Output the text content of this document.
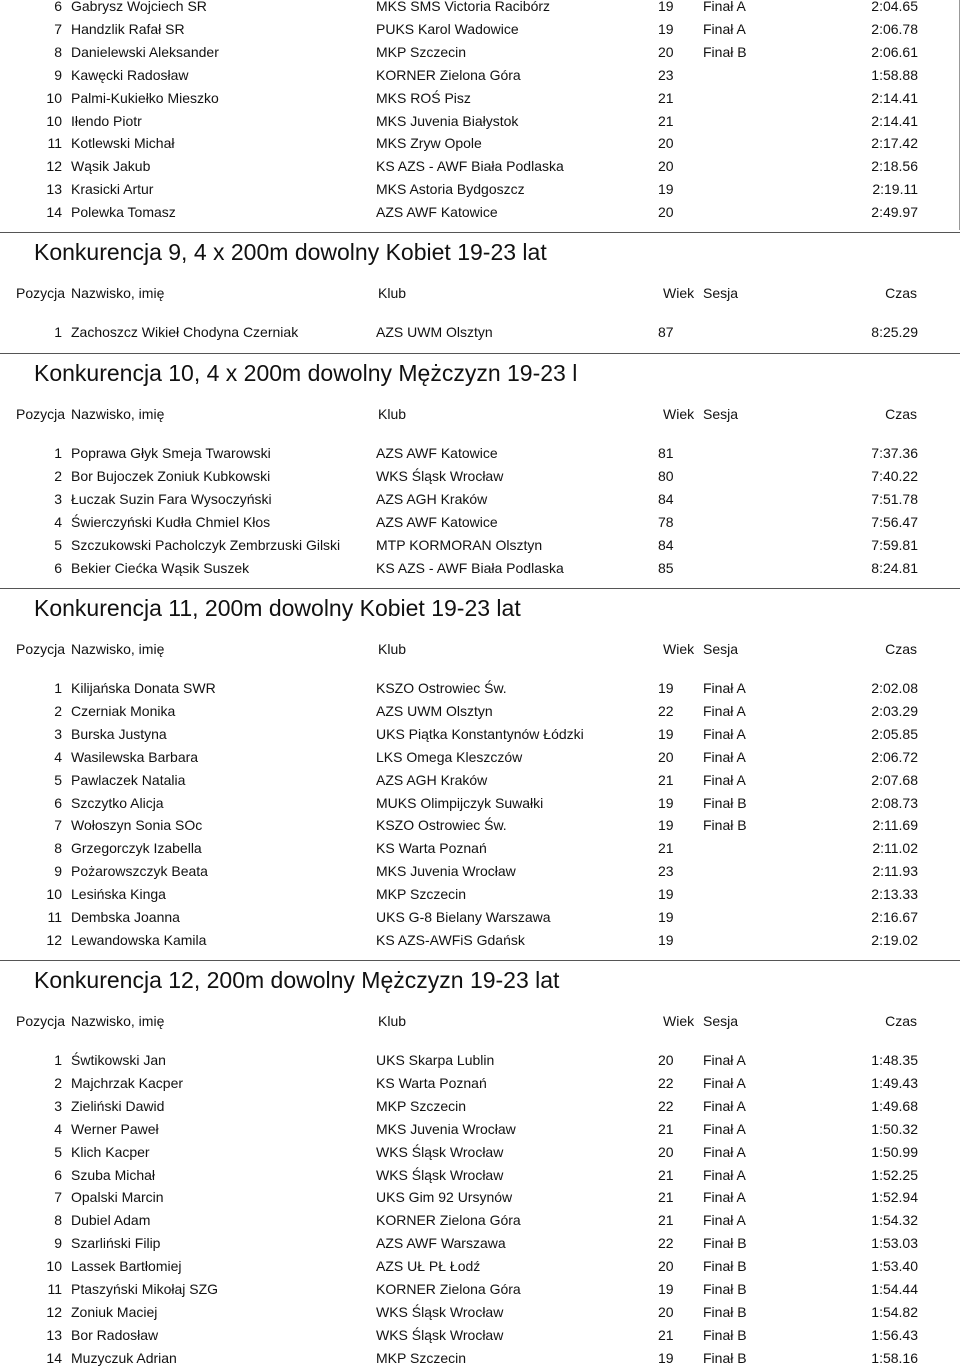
6 Gabrysz Wojciech SR	MKS SMS Victoria Racibórz	19 Finał A	2:04.65
7 Handzlik Rafał SR	PUKS Karol Wadowice	19 Finał A	2:06.78
8 Danielewski Aleksander	MKP Szczecin	20 Finał B	2:06.61
9 Kawęcki Radosław	KORNER Zielona Góra	23	1:58.88
10 Palmi-Kukiełko Mieszko	MKS ROŚ Pisz	21	2:14.41
10 Iłendo Piotr	MKS Juvenia Białystok	21	2:14.41
11 Kotlewski Michał	MKS Zryw Opole	20	2:17.42
12 Wąsik Jakub	KS AZS - AWF Biała Podlaska	20	2:18.56
13 Krasicki Artur	MKS Astoria Bydgoszcz	19	2:19.11
14 Polewka Tomasz	AZS AWF Katowice	20	2:49.97
Konkurencja 9, 4 x 200m dowolny Kobiet 19-23 lat
Pozycja Nazwisko, imię	Klub	Wiek Sesja	Czas
1 Zachoszcz Wikieł Chodyna Czerniak	AZS UWM Olsztyn	87	8:25.29
Konkurencja 10, 4 x 200m dowolny Mężczyzn 19-23 l
Pozycja Nazwisko, imię	Klub	Wiek Sesja	Czas
1 Poprawa Głyk Smeja Twarowski	AZS AWF Katowice	81	7:37.36
2 Bor Bujoczek Zoniuk Kubkowski	WKS Śląsk Wrocław	80	7:40.22
3 Łuczak Suzin Fara Wysoczyński	AZS AGH Kraków	84	7:51.78
4 Świerczyński Kudła Chmiel Kłos	AZS AWF Katowice	78	7:56.47
5 Szczukowski Pacholczyk Zembrzuski Gilski	MTP KORMORAN Olsztyn	84	7:59.81
6 Bekier Ciećka Wąsik Suszek	KS AZS - AWF Biała Podlaska	85	8:24.81
Konkurencja 11, 200m dowolny Kobiet 19-23 lat
Pozycja Nazwisko, imię	Klub	Wiek Sesja	Czas
1 Kilijańska Donata SWR	KSZO Ostrowiec Św.	19 Finał A	2:02.08
2 Czerniak Monika	AZS UWM Olsztyn	22 Finał A	2:03.29
3 Burska Justyna	UKS Piątka Konstantynów Łódzki	19 Finał A	2:05.85
4 Wasilewska Barbara	LKS Omega Kleszczów	20 Finał A	2:06.72
5 Pawlaczek Natalia	AZS AGH Kraków	21 Finał A	2:07.68
6 Szczytko Alicja	MUKS Olimpijczyk Suwałki	19 Finał B	2:08.73
7 Wołoszyn Sonia SOc	KSZO Ostrowiec Św.	19 Finał B	2:11.69
8 Grzegorczyk Izabella	KS Warta Poznań	21	2:11.02
9 Pożarowszczyk Beata	MKS Juvenia Wrocław	23	2:11.93
10 Lesińska Kinga	MKP Szczecin	19	2:13.33
11 Dembska Joanna	UKS G-8 Bielany Warszawa	19	2:16.67
12 Lewandowska Kamila	KS AZS-AWFiS Gdańsk	19	2:19.02
Konkurencja 12, 200m dowolny Mężczyzn 19-23 lat
Pozycja Nazwisko, imię	Klub	Wiek Sesja	Czas
1 Śwtikowski Jan	UKS Skarpa Lublin	20 Finał A	1:48.35
2 Majchrzak Kacper	KS Warta Poznań	22 Finał A	1:49.43
3 Zieliński Dawid	MKP Szczecin	22 Finał A	1:49.68
4 Werner Paweł	MKS Juvenia Wrocław	21 Finał A	1:50.32
5 Klich Kacper	WKS Śląsk Wrocław	20 Finał A	1:50.99
6 Szuba Michał	WKS Śląsk Wrocław	21 Finał A	1:52.25
7 Opalski Marcin	UKS Gim 92 Ursynów	21 Finał A	1:52.94
8 Dubiel Adam	KORNER Zielona Góra	21 Finał A	1:54.32
9 Szarliński Filip	AZS AWF Warszawa	22 Finał B	1:53.03
10 Lassek Bartłomiej	AZS UŁ PŁ Łodź	20 Finał B	1:53.40
11 Ptaszyński Mikołaj SZG	KORNER Zielona Góra	19 Finał B	1:54.44
12 Zoniuk Maciej	WKS Śląsk Wrocław	20 Finał B	1:54.82
13 Bor Radosław	WKS Śląsk Wrocław	21 Finał B	1:56.43
14 Muzyczuk Adrian	MKP Szczecin	19 Finał B	1:58.16
